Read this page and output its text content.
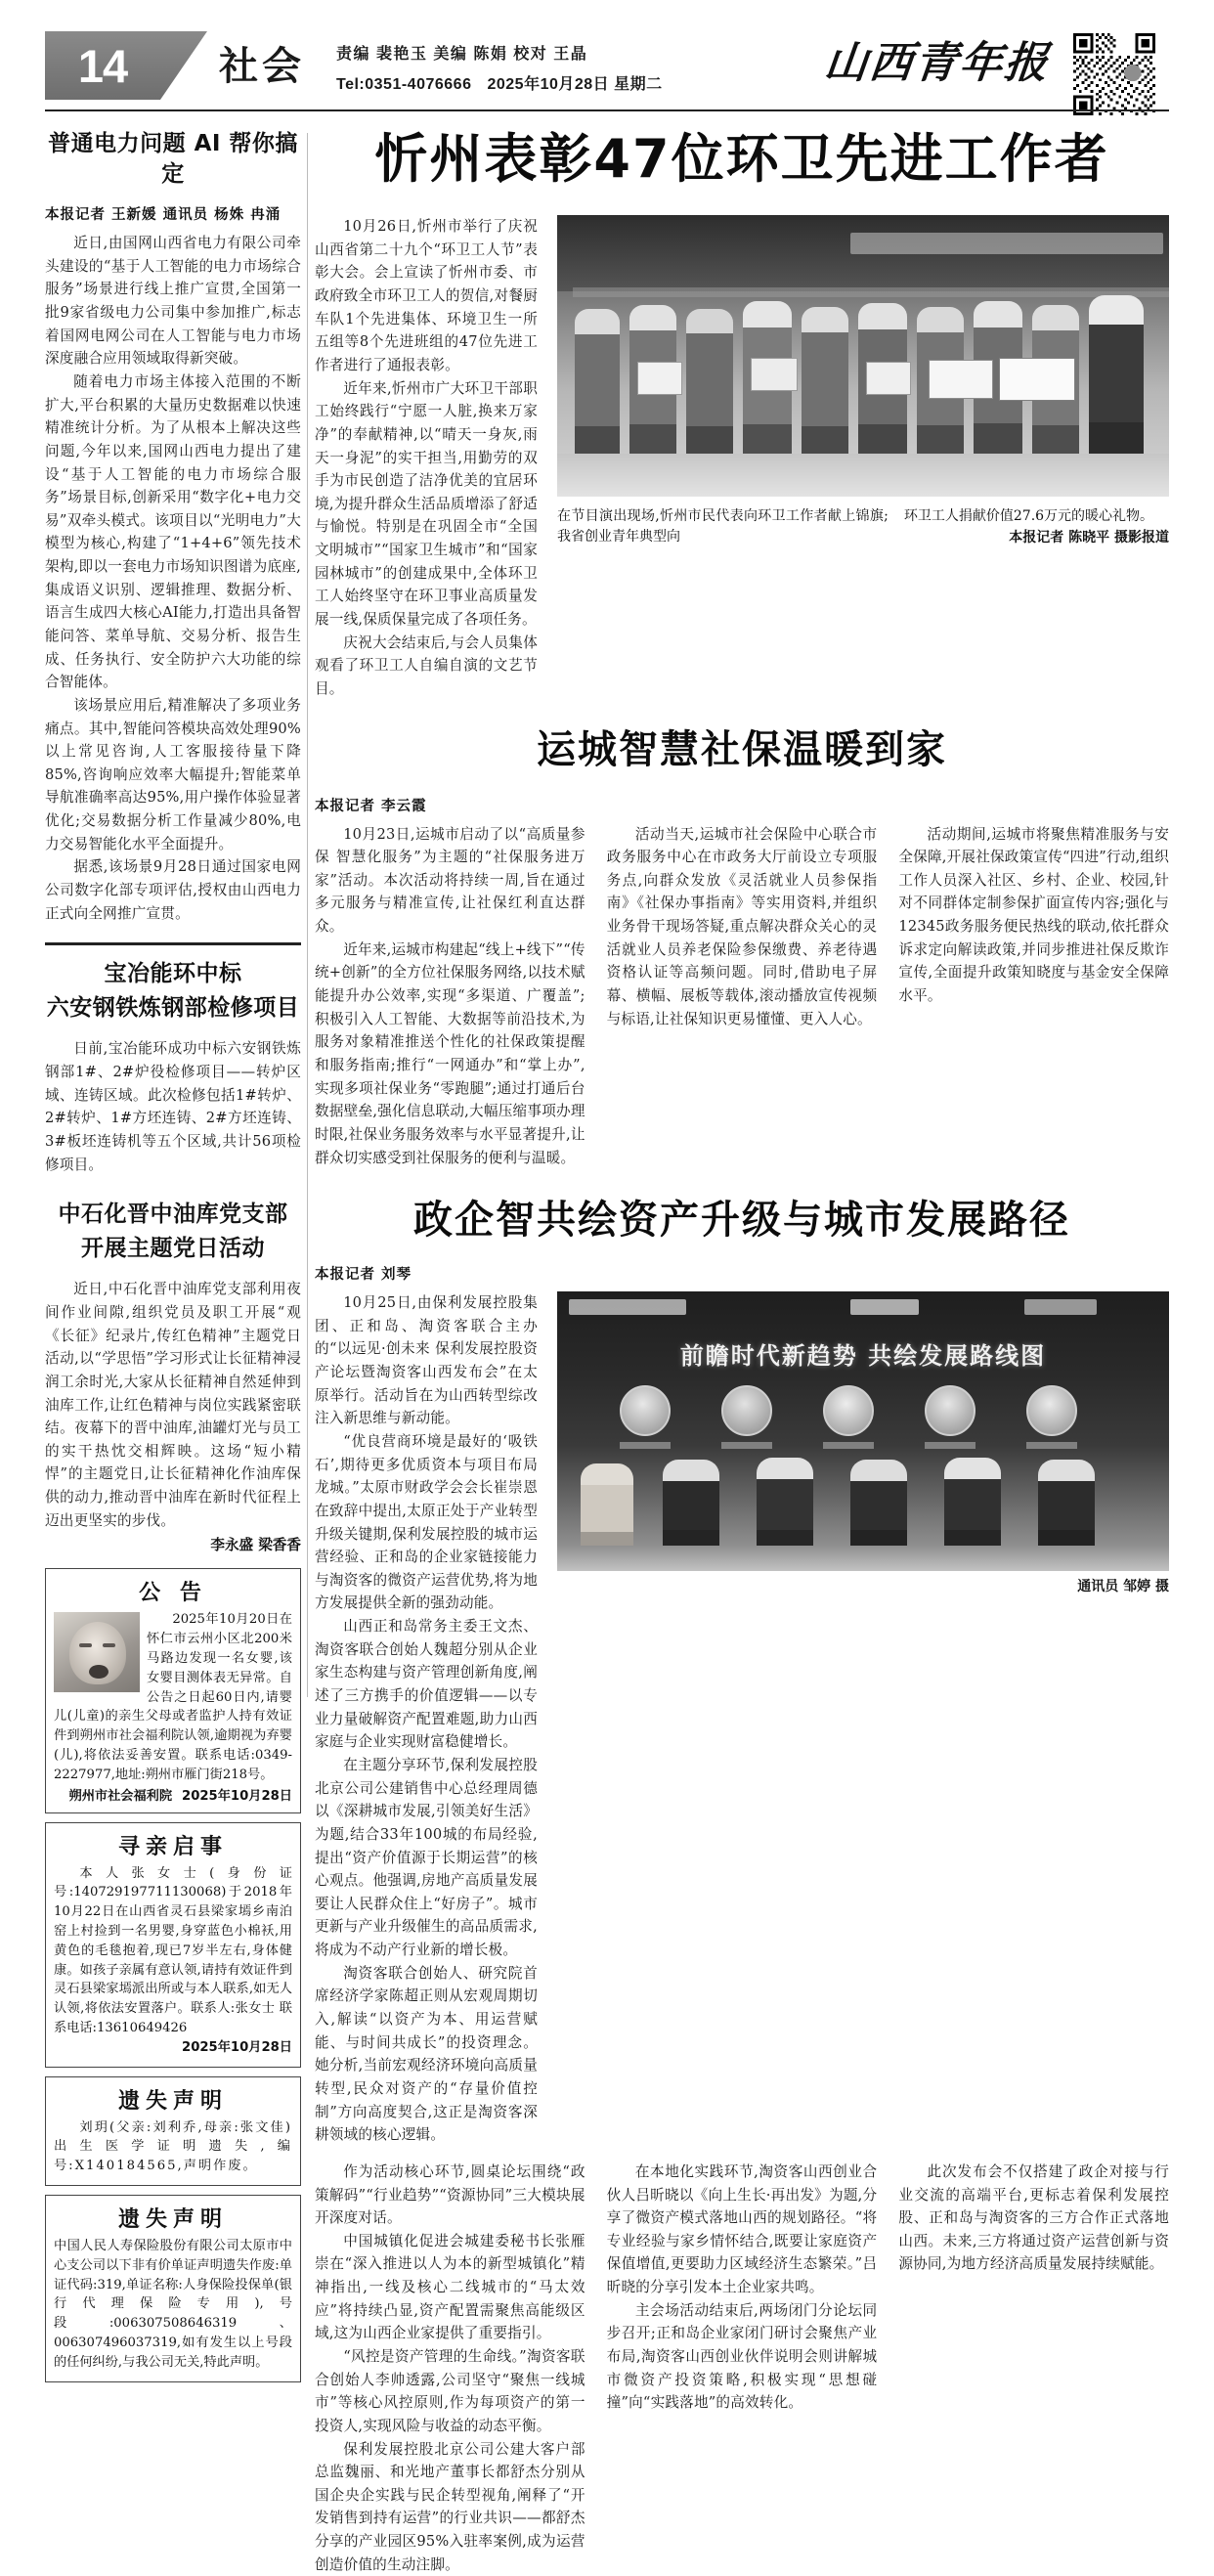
14	社会 责编 裴艳玉 美编 陈娟 校对 王晶
Tel:0351-4076666 2025年10月28日 星期二	山西青年报
普通电力问题 AI 帮你搞定
本报记者 王新媛 通讯员 杨姝 冉涌

近日,由国网山西省电力有限公司牵头建设的“基于人工智能的电力市场综合服务”场景进行线上推广宣贯,全国第一批9家省级电力公司集中参加推广,标志着国网电网公司在人工智能与电力市场深度融合应用领域取得新突破。

随着电力市场主体接入范围的不断扩大,平台积累的大量历史数据难以快速精准统计分析。为了从根本上解决这些问题,今年以来,国网山西电力提出了建设“基于人工智能的电力市场综合服务”场景目标,创新采用“数字化+电力交易”双牵头模式。该项目以“光明电力”大模型为核心,构建了“1+4+6”领先技术架构,即以一套电力市场知识图谱为底座,集成语义识别、逻辑推理、数据分析、语言生成四大核心AI能力,打造出具备智能问答、菜单导航、交易分析、报告生成、任务执行、安全防护六大功能的综合智能体。

该场景应用后,精准解决了多项业务痛点。其中,智能问答模块高效处理90%以上常见咨询,人工客服接待量下降85%,咨询响应效率大幅提升;智能菜单导航准确率高达95%,用户操作体验显著优化;交易数据分析工作量减少80%,电力交易智能化水平全面提升。

据悉,该场景9月28日通过国家电网公司数字化部专项评估,授权由山西电力正式向全网推广宣贯。

宝冶能环中标
六安钢铁炼钢部检修项目

日前,宝冶能环成功中标六安钢铁炼钢部1#、2#炉役检修项目——转炉区域、连铸区域。此次检修包括1#转炉、2#转炉、1#方坯连铸、2#方坯连铸、3#板坯连铸机等五个区域,共计56项检修项目。

中石化晋中油库党支部
开展主题党日活动

近日,中石化晋中油库党支部利用夜间作业间隙,组织党员及职工开展“观《长征》纪录片,传红色精神”主题党日活动,以“学思悟”学习形式让长征精神浸润工余时光,大家从长征精神自然延伸到油库工作,让红色精神与岗位实践紧密联结。夜幕下的晋中油库,油罐灯光与员工的实干热忱交相辉映。这场“短小精悍”的主题党日,让长征精神化作油库保供的动力,推动晋中油库在新时代征程上迈出更坚实的步伐。

李永盛 梁香香
公 告

2025年10月20日在怀仁市云州小区北200米马路边发现一名女婴,该女婴目测体表无异常。自公告之日起60日内,请婴儿(儿童)的亲生父母或者监护人持有效证件到朔州市社会福利院认领,逾期视为弃婴(儿),将依法妥善安置。联系电话:0349-2227977,地址:朔州市雁门街218号。

朔州市社会福利院 2025年10月28日
寻亲启事

本人张女士(身份证号:140729197711130068)于2018年10月22日在山西省灵石县梁家墕乡南泊窑上村捡到一名男婴,身穿蓝色小棉袄,用黄色的毛毯抱着,现已7岁半左右,身体健康。如孩子亲属有意认领,请持有效证件到灵石县梁家墕派出所或与本人联系,如无人认领,将依法安置落户。联系人:张女士 联系电话:13610649426

2025年10月28日

遗失声明

刘玥(父亲:刘利乔,母亲:张文佳)出生医学证明遗失,编号:X140184565,声明作废。

遗失声明

中国人民人寿保险股份有限公司太原市中心支公司以下非有价单证声明遗失作废:单证代码:319,单证名称:人身保险投保单(银行代理保险专用),号段:006307508646319、006307496037319,如有发生以上号段的任何纠纷,与我公司无关,特此声明。

忻州表彰47位环卫先进工作者

10月26日,忻州市举行了庆祝山西省第二十九个“环卫工人节”表彰大会。会上宣读了忻州市委、市政府致全市环卫工人的贺信,对餐厨车队1个先进集体、环境卫生一所五组等8个先进班组的47位先进工作者进行了通报表彰。

近年来,忻州市广大环卫干部职工始终践行“宁愿一人脏,换来万家净”的奉献精神,以“晴天一身灰,雨天一身泥”的实干担当,用勤劳的双手为市民创造了洁净优美的宜居环境,为提升群众生活品质增添了舒适与愉悦。特别是在巩固全市“全国文明城市”“国家卫生城市”和“国家园林城市”的创建成果中,全体环卫工人始终坚守在环卫事业高质量发展一线,保质保量完成了各项任务。

庆祝大会结束后,与会人员集体观看了环卫工人自编自演的文艺节目。

在节目演出现场,忻州市民代表向环卫工作者献上锦旗;我省创业青年典型向
环卫工人捐献价值27.6万元的暖心礼物。
本报记者 陈晓平 摄影报道
运城智慧社保温暖到家
本报记者 李云霞

10月23日,运城市启动了以“高质量参保 智慧化服务”为主题的“社保服务进万家”活动。本次活动将持续一周,旨在通过多元服务与精准宣传,让社保红利直达群众。

近年来,运城市构建起“线上+线下”“传统+创新”的全方位社保服务网络,以技术赋能提升办公效率,实现“多渠道、广覆盖”;积极引入人工智能、大数据等前沿技术,为服务对象精准推送个性化的社保政策提醒和服务指南;推行“一网通办”和“掌上办”,实现多项社保业务“零跑腿”;通过打通后台数据壁垒,强化信息联动,大幅压缩事项办理时限,社保业务服务效率与水平显著提升,让群众切实感受到社保服务的便利与温暖。

活动当天,运城市社会保险中心联合市政务服务中心在市政务大厅前设立专项服务点,向群众发放《灵活就业人员参保指南》《社保办事指南》等实用资料,并组织业务骨干现场答疑,重点解决群众关心的灵活就业人员养老保险参保缴费、养老待遇资格认证等高频问题。同时,借助电子屏幕、横幅、展板等载体,滚动播放宣传视频与标语,让社保知识更易懂懂、更入人心。

活动期间,运城市将聚焦精准服务与安全保障,开展社保政策宣传“四进”行动,组织工作人员深入社区、乡村、企业、校园,针对不同群体定制参保扩面宣传内容;强化与12345政务服务便民热线的联动,依托群众诉求定向解读政策,并同步推进社保反欺诈宣传,全面提升政策知晓度与基金安全保障水平。

政企智共绘资产升级与城市发展路径
本报记者 刘琴

10月25日,由保利发展控股集团、正和岛、淘资客联合主办的“以远见·创未来 保利发展控股资产论坛暨淘资客山西发布会”在太原举行。活动旨在为山西转型综改注入新思维与新动能。

“优良营商环境是最好的‘吸铁石’,期待更多优质资本与项目布局龙城。”太原市财政学会会长崔崇恩在致辞中提出,太原正处于产业转型升级关键期,保利发展控股的城市运营经验、正和岛的企业家链接能力与淘资客的微资产运营优势,将为地方发展提供全新的强劲动能。

山西正和岛常务主委王文杰、淘资客联合创始人魏超分别从企业家生态构建与资产管理创新角度,阐述了三方携手的价值逻辑——以专业力量破解资产配置难题,助力山西家庭与企业实现财富稳健增长。

在主题分享环节,保利发展控股北京公司公建销售中心总经理周德以《深耕城市发展,引领美好生活》为题,结合33年100城的布局经验,提出“资产价值源于长期运营”的核心观点。他强调,房地产高质量发展要让人民群众住上“好房子”。城市更新与产业升级催生的高品质需求,将成为不动产行业新的增长极。

淘资客联合创始人、研究院首席经济学家陈超正则从宏观周期切入,解读“以资产为本、用运营赋能、与时间共成长”的投资理念。她分析,当前宏观经济环境向高质量转型,民众对资产的“存量价值控制”方向高度契合,这正是淘资客深耕领域的核心逻辑。

前瞻时代新趋势 共绘发展路线图
通讯员 邹婷 摄

作为活动核心环节,圆桌论坛围绕“政策解码”“行业趋势”“资源协同”三大模块展开深度对话。

中国城镇化促进会城建委秘书长张雁崇在“深入推进以人为本的新型城镇化”精神指出,一线及核心二线城市的“马太效应”将持续凸显,资产配置需聚焦高能级区域,这为山西企业家提供了重要指引。

“风控是资产管理的生命线。”淘资客联合创始人李帅透露,公司坚守“聚焦一线城市”等核心风控原则,作为每项资产的第一投资人,实现风险与收益的动态平衡。

保利发展控股北京公司公建大客户部总监魏丽、和光地产董事长都舒杰分别从国企央企实践与民企转型视角,阐释了“开发销售到持有运营”的行业共识——都舒杰分享的产业园区95%入驻率案例,成为运营创造价值的生动注脚。

在本地化实践环节,淘资客山西创业合伙人吕昕晓以《向上生长·再出发》为题,分享了微资产模式落地山西的规划路径。“将专业经验与家乡情怀结合,既要让家庭资产保值增值,更要助力区域经济生态繁荣。”吕昕晓的分享引发本土企业家共鸣。

主会场活动结束后,两场闭门分论坛同步召开;正和岛企业家闭门研讨会聚焦产业布局,淘资客山西创业伙伴说明会则讲解城市微资产投资策略,积极实现“思想碰撞”向“实践落地”的高效转化。

此次发布会不仅搭建了政企对接与行业交流的高端平台,更标志着保利发展控股、正和岛与淘资客的三方合作正式落地山西。未来,三方将通过资产运营创新与资源协同,为地方经济高质量发展持续赋能。
